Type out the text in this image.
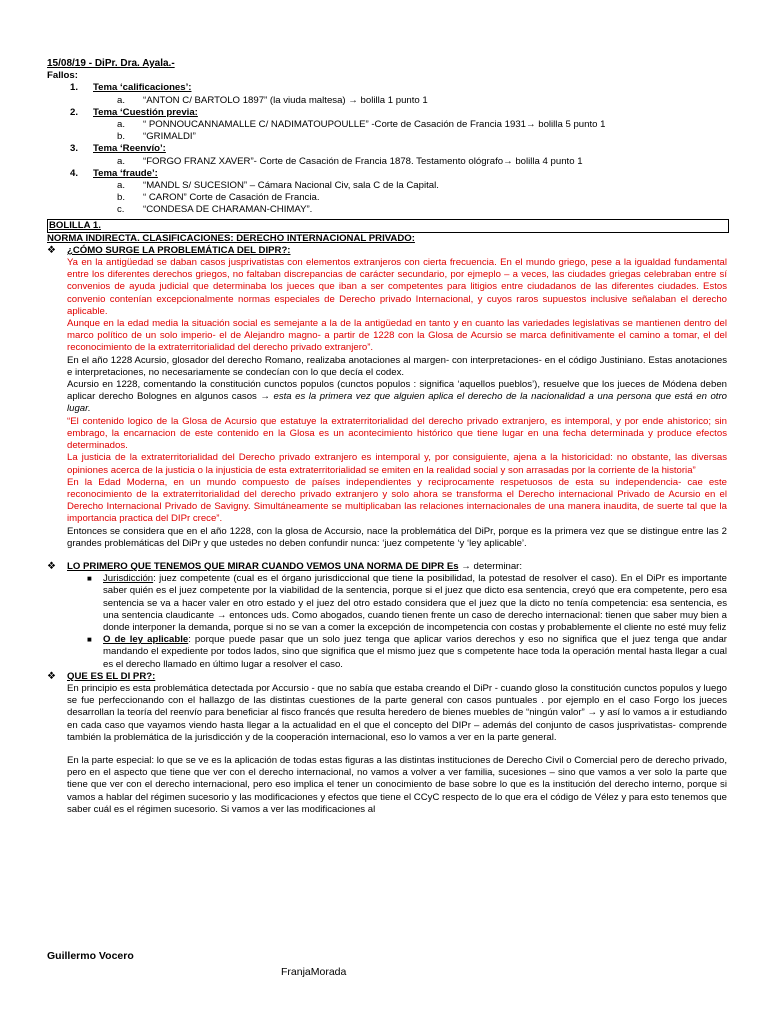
15/08/19 - DiPr. Dra. Ayala.-
Fallos:
1.	Tema ‘calificaciones’:
a.	“ANTON C/ BARTOLO 1897” (la viuda maltesa) → bolilla 1 punto 1
2.	Tema ‘Cuestión previa:
a.	“ PONNOUCANNAMALLE C/ NADIMATOUPOULLE” -Corte de Casación de Francia 1931→ bolilla 5 punto 1
b.	“GRIMALDI”
3.	Tema ‘Reenvío’:
a.	“FORGO FRANZ XAVER”- Corte de Casación de Francia 1878. Testamento ológrafo→ bolilla 4 punto 1
4.	Tema ‘fraude’:
a.	“MANDL S/ SUCESION” – Cámara Nacional Civ, sala C de la Capital.
b.	“ CARON” Corte de Casación de Francia.
c.	“CONDESA DE CHARAMAN-CHIMAY”.
BOLILLA 1.
NORMA INDIRECTA. CLASIFICACIONES: DERECHO INTERNACIONAL PRIVADO:
❖	¿CÓMO SURGE LA PROBLEMÁTICA DEL DIPR?:

Ya en la antigüedad se daban casos jusprivatistas con elementos extranjeros con cierta frecuencia. En el mundo griego, pese a la igualdad fundamental entre los diferentes derechos griegos, no faltaban discrepancias de carácter secundario, por ejmeplo – a veces, las ciudades griegas celebraban entre sí convenios de ayuda judicial que determinaba los jueces que iban a ser competentes para litigios entre ciudadanos de las diferentes ciudades. Estos convenio contenían excepcionalmente normas especiales de Derecho privado Internacional, y cuyos raros supuestos inclusive señalaban el derecho aplicable.

Aunque en la edad media la situación social es semejante a la de la antigüedad en tanto y en cuanto las variedades legislativas se mantienen dentro del marco político de un solo imperio- el de Alejandro magno- a partir de 1228 con la Glosa de Acursio se marca definitivamente el camino a tomar, el del reconocimiento de la extraterritorialidad del derecho privado extranjero”.

En el año 1228 Acursio, glosador del derecho Romano, realizaba anotaciones al margen- con interpretaciones- en el código Justiniano. Estas anotaciones e interpretaciones, no necesariamente se condecían con lo que decía el codex.

Acursio en 1228, comentando la constitución cunctos populos (cunctos populos : significa ‘aquellos pueblos’), resuelve que los jueces de Módena deben aplicar derecho Bolognes en algunos casos → esta es la primera vez que alguien aplica el derecho de la nacionalidad a una persona que está en otro lugar.

“El contenido logico de la Glosa de Acursio que estatuye la extraterritorialidad del derecho privado extranjero, es intemporal, y por ende ahistorico; sin embrago, la encarnacion de este contenido en la Glosa es un acontecimiento histórico que tiene lugar en una fecha determinada y produce efectos determinados.

La justicia de la extraterritorialidad del Derecho privado extranjero es intemporal y, por consiguiente, ajena a la historicidad: no obstante, las diversas opiniones acerca de la justicia o la injusticia de esta extraterritorialidad se emiten en la realidad social y son arrasadas por la corriente de la historia”

En la Edad Moderna, en un mundo compuesto de países independientes y reciprocamente respetuosos de esta su independencia- cae este reconocimiento de la extraterritorialidad del derecho privado extranjero y solo ahora se transforma el Derecho internacional Privado de Acursio en el Derecho Internacional Privado de Savigny. Simultáneamente se multiplicaban las relaciones internacionales de una manera inaudita, de suerte tal que la importancia practica del DIPr crece”.

Entonces se considera que en el año 1228, con la glosa de Accursio, nace la problemática del DiPr, porque es la primera vez que se distingue entre las 2 grandes problemáticas del DiPr y que ustedes no deben confundir nunca: ‘juez competente ‘y ‘ley aplicable’.

❖	LO PRIMERO QUE TENEMOS QUE MIRAR CUANDO VEMOS UNA NORMA DE DIPR Es → determinar:
■	Jurisdicción: juez competente (cual es el órgano jurisdiccional que tiene la posibilidad, la potestad de resolver el caso). En el DiPr es importante saber quién es el juez competente por la viabilidad de la sentencia, porque si el juez que dicto esa sentencia, creyó que era competente, pero esa sentencia se va a hacer valer en otro estado y el juez del otro estado considera que el juez que la dicto no tenía competencia: esa sentencia, es una sentencia claudicante → entonces uds. Como abogados, cuando tienen frente un caso de derecho internacional: tienen que saber muy bien a donde interponer la demanda, porque si no se van a comer la excepción de incompetencia con costas y probablemente el cliente no esté muy feliz
■	O de ley aplicable: porque puede pasar que un solo juez tenga que aplicar varios derechos y eso no significa que el juez tenga que andar mandando el expediente por todos lados, sino que significa que el mismo juez que s competente hace toda la operación mental hasta llegar a cual es el derecho llamado en último lugar a resolver el caso.
❖	QUE ES EL DI PR?:

En principio es esta problemática detectada por Accursio - que no sabía que estaba creando el DiPr - cuando gloso la constitución cunctos populos y luego se fue perfeccionando con el hallazgo de las distintas cuestiones de la parte general con casos puntuales . por ejemplo en el caso Forgo los jueces desarrollan la teoría del reenvío para beneficiar al fisco francés que resulta heredero de bienes muebles de “ningún valor” → y así lo vamos a ir estudiando en cada caso que vayamos viendo hasta llegar a la actualidad en el que el concepto del DIPr – además del conjunto de casos jusprivatistas- comprende también la problemática de la jurisdicción y de la cooperación internacional, eso lo vamos a ver en la parte general.

En la parte especial: lo que se ve es la aplicación de todas estas figuras a las distintas instituciones de Derecho Civil o Comercial pero de derecho privado, pero en el aspecto que tiene que ver con el derecho internacional, no vamos a volver a ver familia, sucesiones – sino que vamos a ver solo la parte que tiene que ver con el derecho internacional, pero eso implica el tener un conocimiento de base sobre lo que es la institución del derecho interno, porque si vamos a hablar del régimen sucesorio y las modificaciones y efectos que tiene el CCyC respecto de lo que era el código de Vélez y para esto tenemos que saber cuál es el régimen sucesorio. Si vamos a ver las modificaciones al

Guillermo Vocero
FranjaMorada
